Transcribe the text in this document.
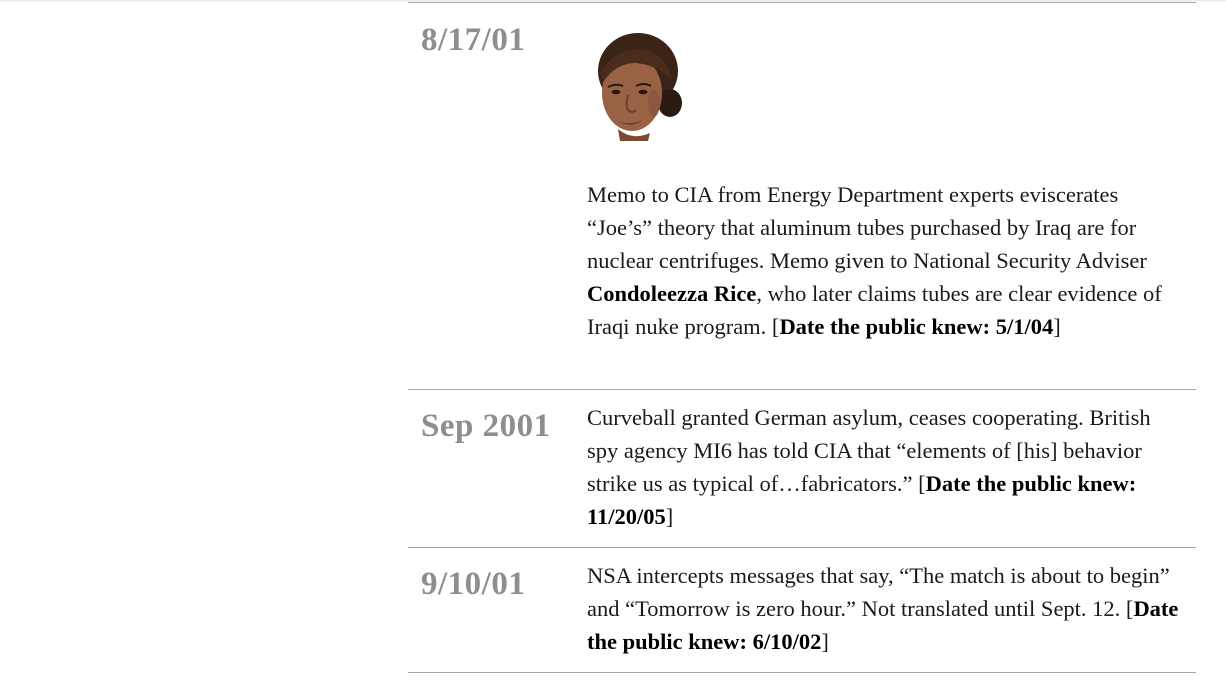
8/17/01

Memo to CIA from Energy Department experts eviscerates “Joe’s” theory that aluminum tubes purchased by Iraq are for nuclear centrifuges. Memo given to National Security Adviser Condoleezza Rice, who later claims tubes are clear evidence of Iraqi nuke program. [Date the public knew: 5/1/04]

Sep 2001 Curveball granted German asylum, ceases cooperating. British spy agency MI6 has told CIA that “elements of [his] behavior strike us as typical of…fabricators.” [Date the public knew: 11/20/05]

9/10/01	NSA intercepts messages that say, “The match is about to begin” and “Tomorrow is zero hour.” Not translated until Sept. 12. [Date the public knew: 6/10/02]
